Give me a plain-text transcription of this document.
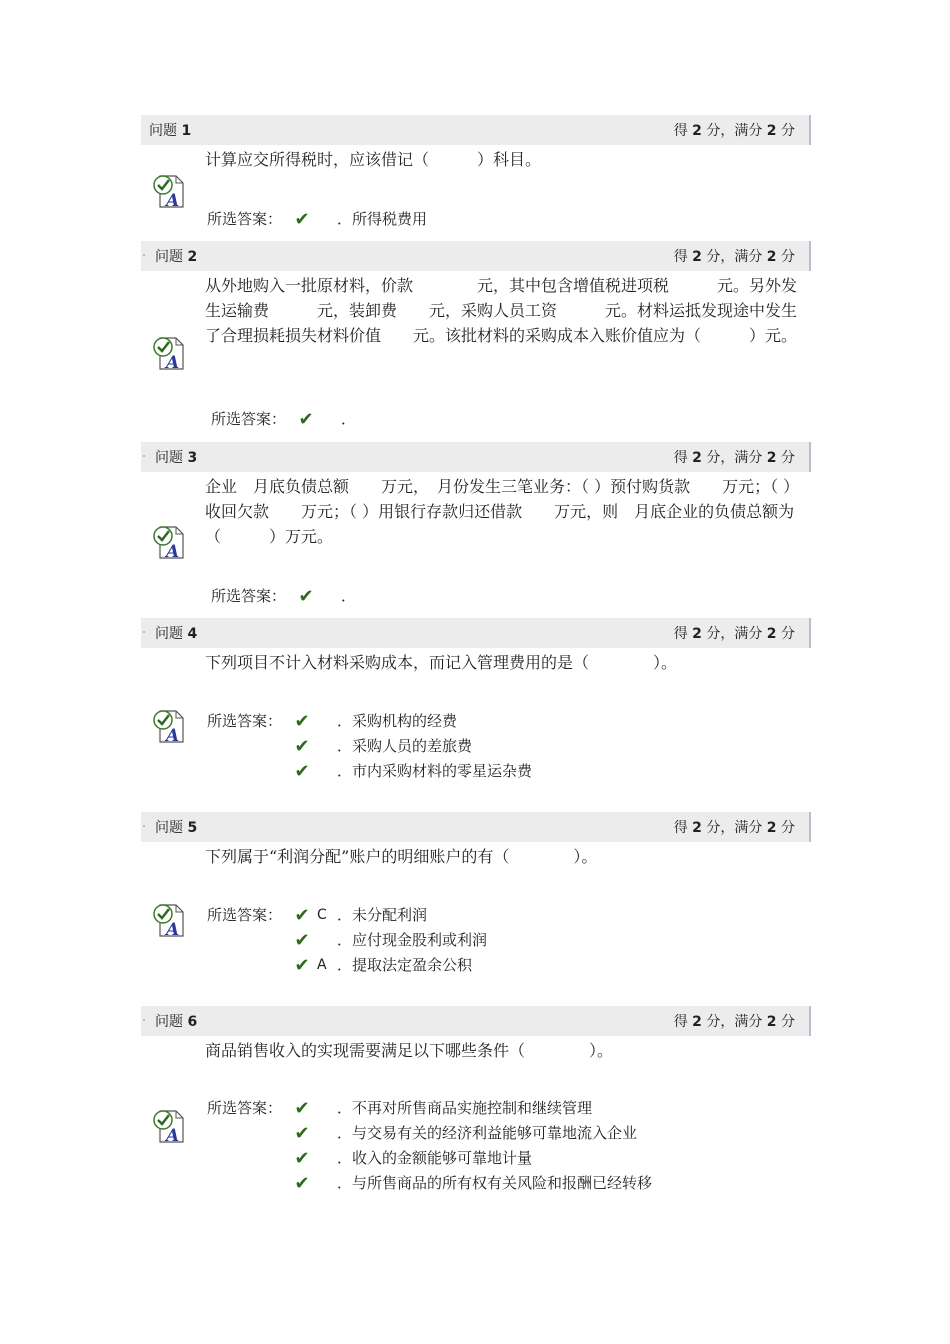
问题 1	得 2 分，满分 2 分
计算应交所得税时，应该借记（　　　）科目。
A
所选答案： ✔	．所得税费用
问题 2	得 2 分，满分 2 分
从外地购入一批原材料，价款　　　　元，其中包含增值税进项税　　　元。另外发生运输费　　　元，装卸费　　元，采购人员工资　　　元。材料运抵发现途中发生了合理损耗损失材料价值　　元。该批材料的采购成本入账价值应为（　　　）元。
A
所选答案： ✔	．
问题 3	得 2 分，满分 2 分
企业　月底负债总额　　万元，　月份发生三笔业务：（ ）预付购货款　　万元；（ ）收回欠款　　万元；（ ）用银行存款归还借款　　万元，则　月底企业的负债总额为（　　　）万元。
A
所选答案： ✔	．
问题 4	得 2 分，满分 2 分
下列项目不计入材料采购成本，而记入管理费用的是（　　　　）。
A
所选答案： ✔	．采购机构的经费
✔	．采购人员的差旅费
✔	．市内采购材料的零星运杂费
问题 5	得 2 分，满分 2 分
下列属于“利润分配”账户的明细账户的有（　　　　）。
A
所选答案： ✔ C ．未分配利润
✔	．应付现金股利或利润
✔ A ．提取法定盈余公积
问题 6	得 2 分，满分 2 分
商品销售收入的实现需要满足以下哪些条件（　　　　）。
A
所选答案： ✔	．不再对所售商品实施控制和继续管理
✔	．与交易有关的经济利益能够可靠地流入企业
✔	．收入的金额能够可靠地计量
✔	．与所售商品的所有权有关风险和报酬已经转移
